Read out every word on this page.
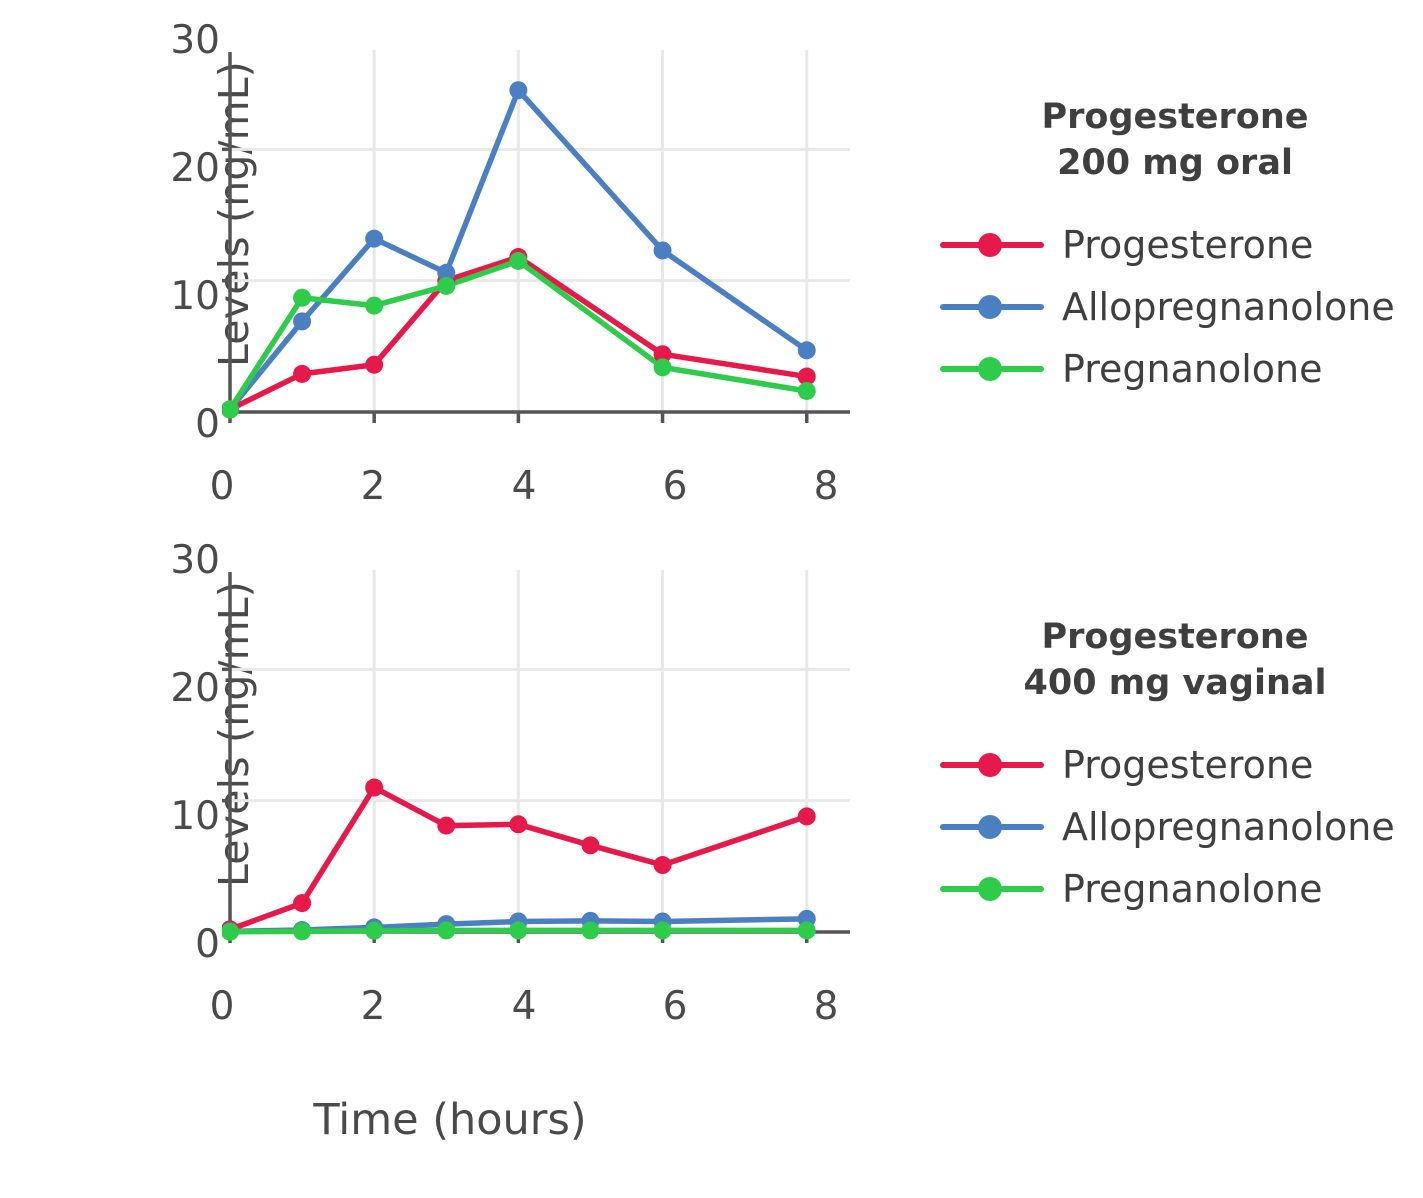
Levels (ng/mL)
30
20
10
0
0	2	4	6	8
Progesterone
200 mg oral
Progesterone
Allopregnanolone
Pregnanolone
Levels (ng/mL)
30
20
10
0
0	2	4	6	8
Progesterone
400 mg vaginal
Progesterone
Allopregnanolone
Pregnanolone
Time (hours)
